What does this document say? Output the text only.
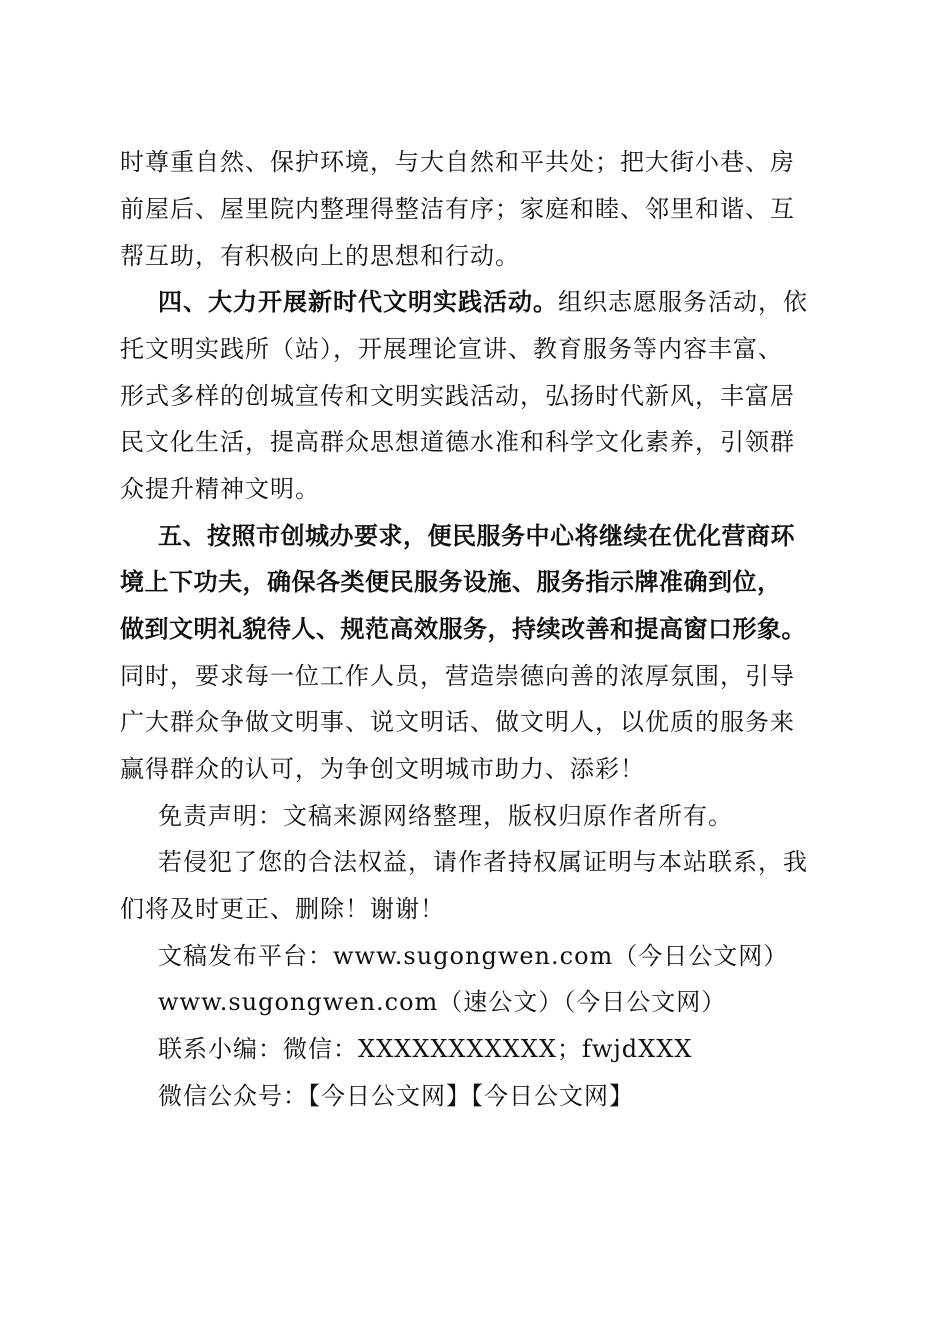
时尊重自然、保护环境，与大自然和平共处；把大街小巷、房
前屋后、屋里院内整理得整洁有序；家庭和睦、邻里和谐、互
帮互助，有积极向上的思想和行动。
四、大力开展新时代文明实践活动。组织志愿服务活动，依
托文明实践所（站），开展理论宣讲、教育服务等内容丰富、
形式多样的创城宣传和文明实践活动，弘扬时代新风，丰富居
民文化生活，提高群众思想道德水准和科学文化素养，引领群
众提升精神文明。
五、按照市创城办要求，便民服务中心将继续在优化营商环
境上下功夫，确保各类便民服务设施、服务指示牌准确到位，
做到文明礼貌待人、规范高效服务，持续改善和提高窗口形象。
同时，要求每一位工作人员，营造崇德向善的浓厚氛围，引导
广大群众争做文明事、说文明话、做文明人，以优质的服务来
赢得群众的认可，为争创文明城市助力、添彩！
免责声明：文稿来源网络整理，版权归原作者所有。
若侵犯了您的合法权益，请作者持权属证明与本站联系，我
们将及时更正、删除！谢谢！
文稿发布平台：www.sugongwen.com（今日公文网）
www.sugongwen.com（速公文）（今日公文网）
联系小编：微信：XXXXXXXXXXX；fwjdXXX
微信公众号：【今日公文网】【今日公文网】
